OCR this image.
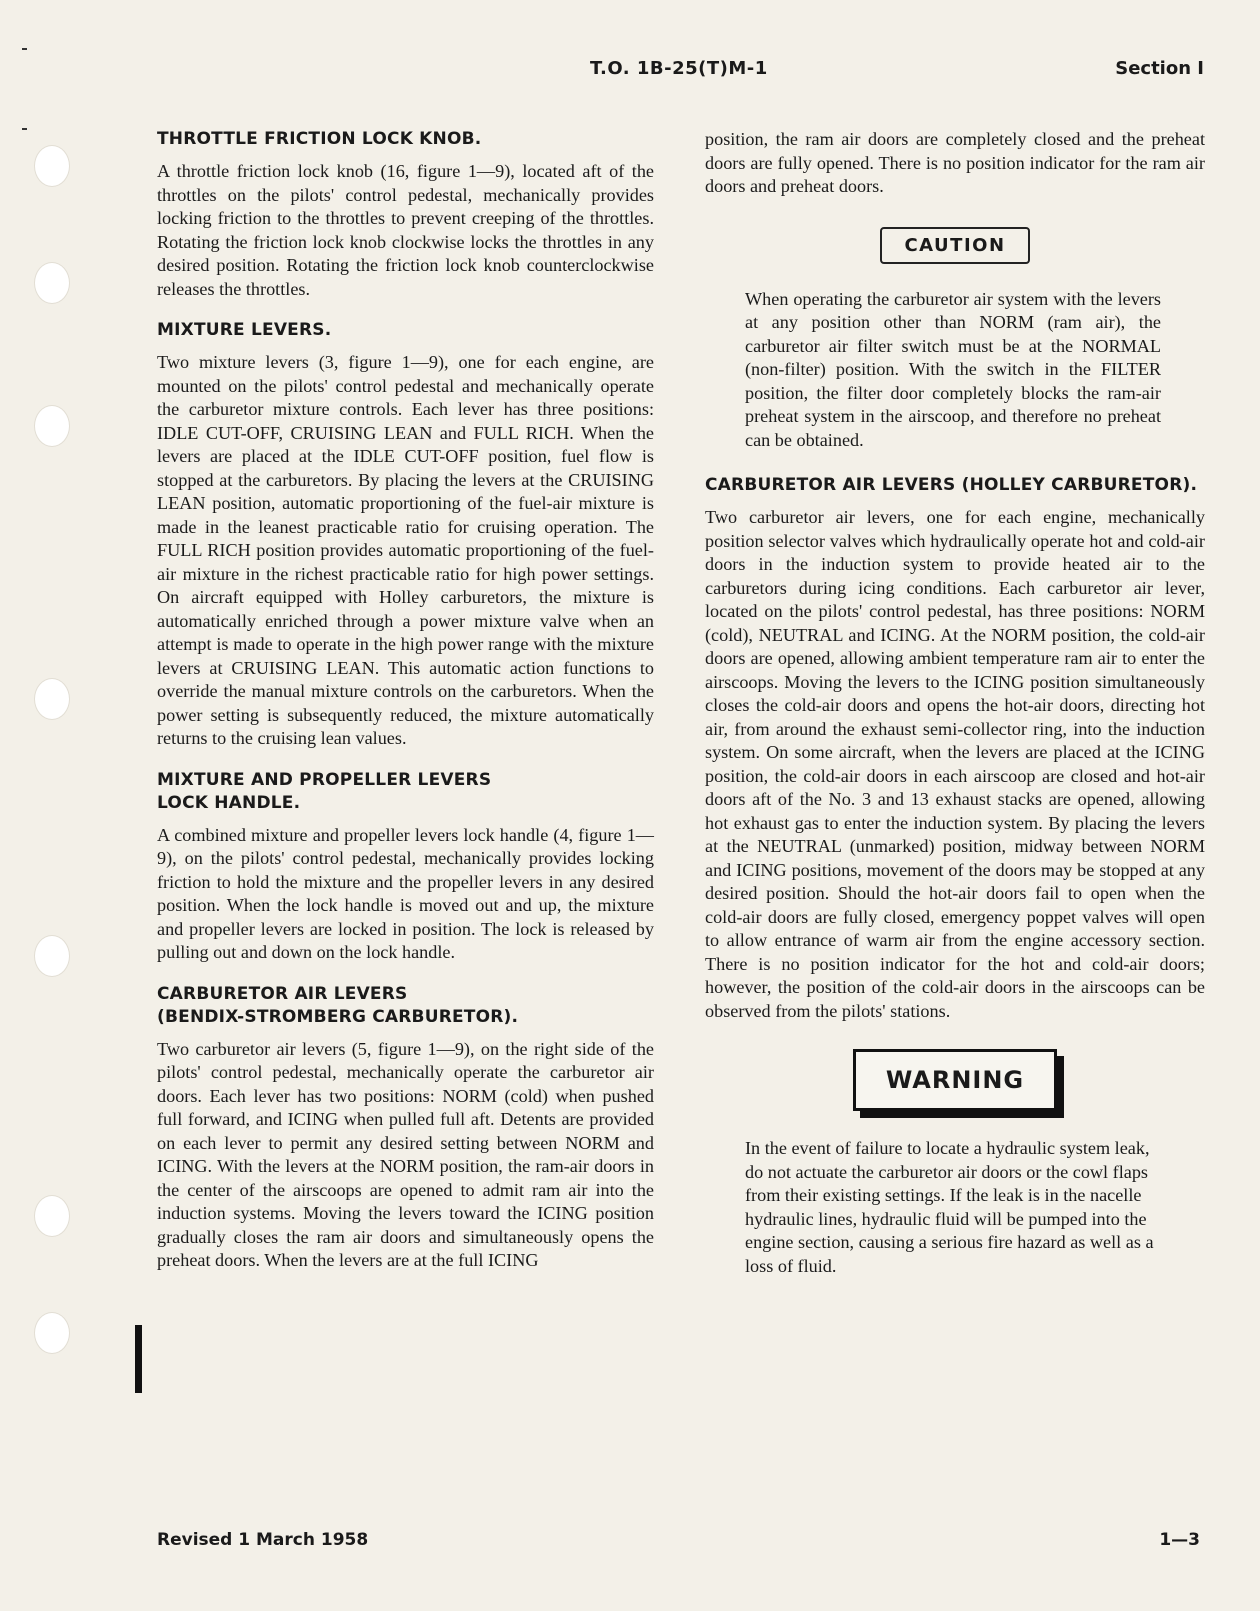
T.O. 1B-25(T)M-1	Section I
THROTTLE FRICTION LOCK KNOB.

A throttle friction lock knob (16, figure 1—9), located aft of the throttles on the pilots' control pedestal, mechanically provides locking friction to the throttles to prevent creeping of the throttles. Rotating the friction lock knob clockwise locks the throttles in any desired position. Rotating the friction lock knob counterclockwise releases the throttles.

MIXTURE LEVERS.

Two mixture levers (3, figure 1—9), one for each engine, are mounted on the pilots' control pedestal and mechanically operate the carburetor mixture controls. Each lever has three positions: IDLE CUT-OFF, CRUISING LEAN and FULL RICH. When the levers are placed at the IDLE CUT-OFF position, fuel flow is stopped at the carburetors. By placing the levers at the CRUISING LEAN position, automatic proportioning of the fuel-air mixture is made in the leanest practicable ratio for cruising operation. The FULL RICH position provides automatic proportioning of the fuel-air mixture in the richest practicable ratio for high power settings. On aircraft equipped with Holley carburetors, the mixture is automatically enriched through a power mixture valve when an attempt is made to operate in the high power range with the mixture levers at CRUISING LEAN. This automatic action functions to override the manual mixture controls on the carburetors. When the power setting is subsequently reduced, the mixture automatically returns to the cruising lean values.

MIXTURE AND PROPELLER LEVERS
LOCK HANDLE.

A combined mixture and propeller levers lock handle (4, figure 1—9), on the pilots' control pedestal, mechanically provides locking friction to hold the mixture and the propeller levers in any desired position. When the lock handle is moved out and up, the mixture and propeller levers are locked in position. The lock is released by pulling out and down on the lock handle.

CARBURETOR AIR LEVERS
(BENDIX-STROMBERG CARBURETOR).

Two carburetor air levers (5, figure 1—9), on the right side of the pilots' control pedestal, mechanically operate the carburetor air doors. Each lever has two positions: NORM (cold) when pushed full forward, and ICING when pulled full aft. Detents are provided on each lever to permit any desired setting between NORM and ICING. With the levers at the NORM position, the ram-air doors in the center of the airscoops are opened to admit ram air into the induction systems. Moving the levers toward the ICING position gradually closes the ram air doors and simultaneously opens the preheat doors. When the levers are at the full ICING

position, the ram air doors are completely closed and the preheat doors are fully opened. There is no position indicator for the ram air doors and preheat doors.

CAUTION

When operating the carburetor air system with the levers at any position other than NORM (ram air), the carburetor air filter switch must be at the NORMAL (non-filter) position. With the switch in the FILTER position, the filter door completely blocks the ram-air preheat system in the airscoop, and therefore no preheat can be obtained.

CARBURETOR AIR LEVERS (HOLLEY CARBURETOR).

Two carburetor air levers, one for each engine, mechanically position selector valves which hydraulically operate hot and cold-air doors in the induction system to provide heated air to the carburetors during icing conditions. Each carburetor air lever, located on the pilots' control pedestal, has three positions: NORM (cold), NEUTRAL and ICING. At the NORM position, the cold-air doors are opened, allowing ambient temperature ram air to enter the airscoops. Moving the levers to the ICING position simultaneously closes the cold-air doors and opens the hot-air doors, directing hot air, from around the exhaust semi-collector ring, into the induction system. On some aircraft, when the levers are placed at the ICING position, the cold-air doors in each airscoop are closed and hot-air doors aft of the No. 3 and 13 exhaust stacks are opened, allowing hot exhaust gas to enter the induction system. By placing the levers at the NEUTRAL (unmarked) position, midway between NORM and ICING positions, movement of the doors may be stopped at any desired position. Should the hot-air doors fail to open when the cold-air doors are fully closed, emergency poppet valves will open to allow entrance of warm air from the engine accessory section. There is no position indicator for the hot and cold-air doors; however, the position of the cold-air doors in the airscoops can be observed from the pilots' stations.

WARNING

In the event of failure to locate a hydraulic system leak, do not actuate the carburetor air doors or the cowl flaps from their existing settings. If the leak is in the nacelle hydraulic lines, hydraulic fluid will be pumped into the engine section, causing a serious fire hazard as well as a loss of fluid.

Revised 1 March 1958	1—3
